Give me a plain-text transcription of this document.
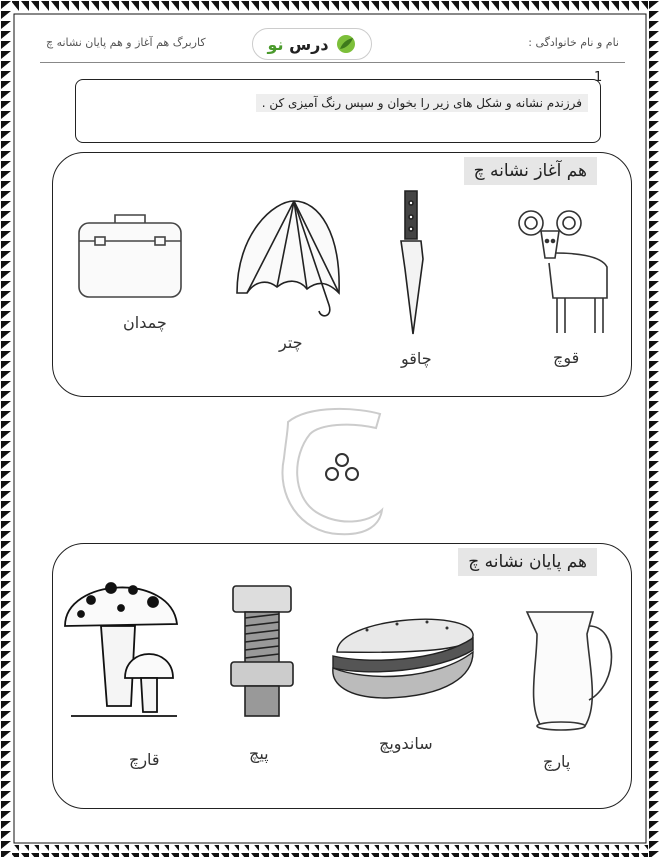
نام و نام خانوادگی :
درس نو
کاربرگ هم آغاز و هم پایان نشانه چ
1
فرزندم نشانه و شکل های زیر را بخوان و سپس رنگ آمیزی کن .
هم آغاز نشانه چ
قوچ
چاقو
چتر
چمدان
چ
هم پایان نشانه چ
پارچ
ساندویچ
پیچ
قارچ
